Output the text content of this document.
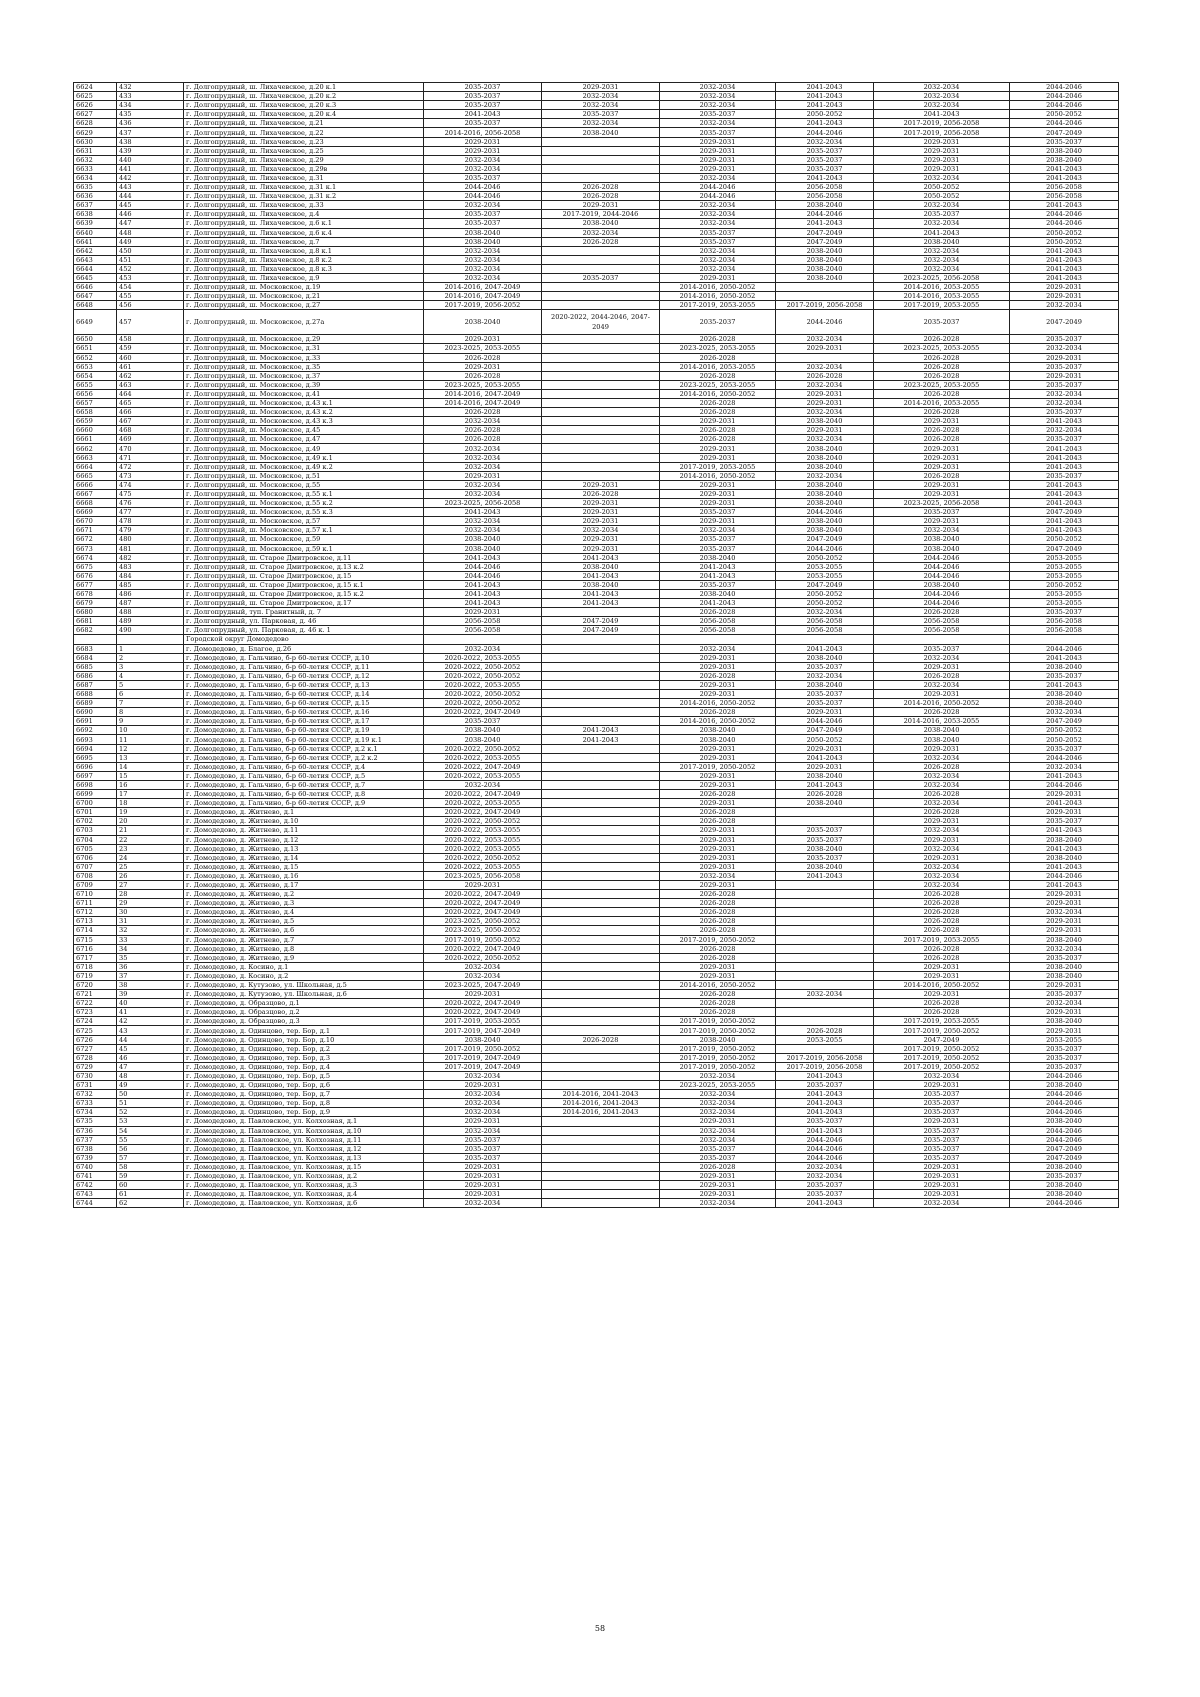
6624	432	г. Долгопрудный, ш. Лихачевское, д.20 к.1	2035-2037	2029-2031	2032-2034	2041-2043	2032-2034	2044-2046
6625	433	г. Долгопрудный, ш. Лихачевское, д.20 к.2	2035-2037	2032-2034	2032-2034	2041-2043	2032-2034	2044-2046
6626	434	г. Долгопрудный, ш. Лихачевское, д.20 к.3	2035-2037	2032-2034	2032-2034	2041-2043	2032-2034	2044-2046
6627	435	г. Долгопрудный, ш. Лихачевское, д.20 к.4	2041-2043	2035-2037	2035-2037	2050-2052	2041-2043	2050-2052
6628	436	г. Долгопрудный, ш. Лихачевское, д.21	2035-2037	2032-2034	2032-2034	2041-2043	2017-2019, 2056-2058	2044-2046
6629	437	г. Долгопрудный, ш. Лихачевское, д.22	2014-2016, 2056-2058	2038-2040	2035-2037	2044-2046	2017-2019, 2056-2058	2047-2049
6630	438	г. Долгопрудный, ш. Лихачевское, д.23	2029-2031		2029-2031	2032-2034	2029-2031	2035-2037
6631	439	г. Долгопрудный, ш. Лихачевское, д.25	2029-2031		2029-2031	2035-2037	2029-2031	2038-2040
6632	440	г. Долгопрудный, ш. Лихачевское, д.29	2032-2034		2029-2031	2035-2037	2029-2031	2038-2040
6633	441	г. Долгопрудный, ш. Лихачевское, д.29в	2032-2034		2029-2031	2035-2037	2029-2031	2041-2043
6634	442	г. Долгопрудный, ш. Лихачевское, д.31	2035-2037		2032-2034	2041-2043	2032-2034	2041-2043
6635	443	г. Долгопрудный, ш. Лихачевское, д.31 к.1	2044-2046	2026-2028	2044-2046	2056-2058	2050-2052	2056-2058
6636	444	г. Долгопрудный, ш. Лихачевское, д.31 к.2	2044-2046	2026-2028	2044-2046	2056-2058	2050-2052	2056-2058
6637	445	г. Долгопрудный, ш. Лихачевское, д.33	2032-2034	2029-2031	2032-2034	2038-2040	2032-2034	2041-2043
6638	446	г. Долгопрудный, ш. Лихачевское, д.4	2035-2037	2017-2019, 2044-2046	2032-2034	2044-2046	2035-2037	2044-2046
6639	447	г. Долгопрудный, ш. Лихачевское, д.6 к.1	2035-2037	2038-2040	2032-2034	2041-2043	2032-2034	2044-2046
6640	448	г. Долгопрудный, ш. Лихачевское, д.6 к.4	2038-2040	2032-2034	2035-2037	2047-2049	2041-2043	2050-2052
6641	449	г. Долгопрудный, ш. Лихачевское, д.7	2038-2040	2026-2028	2035-2037	2047-2049	2038-2040	2050-2052
6642	450	г. Долгопрудный, ш. Лихачевское, д.8 к.1	2032-2034		2032-2034	2038-2040	2032-2034	2041-2043
6643	451	г. Долгопрудный, ш. Лихачевское, д.8 к.2	2032-2034		2032-2034	2038-2040	2032-2034	2041-2043
6644	452	г. Долгопрудный, ш. Лихачевское, д.8 к.3	2032-2034		2032-2034	2038-2040	2032-2034	2041-2043
6645	453	г. Долгопрудный, ш. Лихачевское, д.9	2032-2034	2035-2037	2029-2031	2038-2040	2023-2025, 2056-2058	2041-2043
6646	454	г. Долгопрудный, ш. Московское, д.19	2014-2016, 2047-2049		2014-2016, 2050-2052		2014-2016, 2053-2055	2029-2031
6647	455	г. Долгопрудный, ш. Московское, д.21	2014-2016, 2047-2049		2014-2016, 2050-2052		2014-2016, 2053-2055	2029-2031
6648	456	г. Долгопрудный, ш. Московское, д.27	2017-2019, 2056-2052		2017-2019, 2053-2055	2017-2019, 2056-2058	2017-2019, 2053-2055	2032-2034
6649	457	г. Долгопрудный, ш. Московское, д.27а	2038-2040	2020-2022, 2044-2046, 2047-2049	2035-2037	2044-2046	2035-2037	2047-2049
6650	458	г. Долгопрудный, ш. Московское, д.29	2029-2031		2026-2028	2032-2034	2026-2028	2035-2037
6651	459	г. Долгопрудный, ш. Московское, д.31	2023-2025, 2053-2055		2023-2025, 2053-2055	2029-2031	2023-2025, 2053-2055	2032-2034
6652	460	г. Долгопрудный, ш. Московское, д.33	2026-2028		2026-2028		2026-2028	2029-2031
6653	461	г. Долгопрудный, ш. Московское, д.35	2029-2031		2014-2016, 2053-2055	2032-2034	2026-2028	2035-2037
6654	462	г. Долгопрудный, ш. Московское, д.37	2026-2028		2026-2028	2026-2028	2026-2028	2029-2031
6655	463	г. Долгопрудный, ш. Московское, д.39	2023-2025, 2053-2055		2023-2025, 2053-2055	2032-2034	2023-2025, 2053-2055	2035-2037
6656	464	г. Долгопрудный, ш. Московское, д.41	2014-2016, 2047-2049		2014-2016, 2050-2052	2029-2031	2026-2028	2032-2034
6657	465	г. Долгопрудный, ш. Московское, д.43 к.1	2014-2016, 2047-2049		2026-2028	2029-2031	2014-2016, 2053-2055	2032-2034
6658	466	г. Долгопрудный, ш. Московское, д.43 к.2	2026-2028		2026-2028	2032-2034	2026-2028	2035-2037
6659	467	г. Долгопрудный, ш. Московское, д.43 к.3	2032-2034		2029-2031	2038-2040	2029-2031	2041-2043
6660	468	г. Долгопрудный, ш. Московское, д.45	2026-2028		2026-2028	2029-2031	2026-2028	2032-2034
6661	469	г. Долгопрудный, ш. Московское, д.47	2026-2028		2026-2028	2032-2034	2026-2028	2035-2037
6662	470	г. Долгопрудный, ш. Московское, д.49	2032-2034		2029-2031	2038-2040	2029-2031	2041-2043
6663	471	г. Долгопрудный, ш. Московское, д.49 к.1	2032-2034		2029-2031	2038-2040	2029-2031	2041-2043
6664	472	г. Долгопрудный, ш. Московское, д.49 к.2	2032-2034		2017-2019, 2053-2055	2038-2040	2029-2031	2041-2043
6665	473	г. Долгопрудный, ш. Московское, д.51	2029-2031		2014-2016, 2050-2052	2032-2034	2026-2028	2035-2037
6666	474	г. Долгопрудный, ш. Московское, д.55	2032-2034	2029-2031	2029-2031	2038-2040	2029-2031	2041-2043
6667	475	г. Долгопрудный, ш. Московское, д.55 к.1	2032-2034	2026-2028	2029-2031	2038-2040	2029-2031	2041-2043
6668	476	г. Долгопрудный, ш. Московское, д.55 к.2	2023-2025, 2056-2058	2029-2031	2029-2031	2038-2040	2023-2025, 2056-2058	2041-2043
6669	477	г. Долгопрудный, ш. Московское, д.55 к.3	2041-2043	2029-2031	2035-2037	2044-2046	2035-2037	2047-2049
6670	478	г. Долгопрудный, ш. Московское, д.57	2032-2034	2029-2031	2029-2031	2038-2040	2029-2031	2041-2043
6671	479	г. Долгопрудный, ш. Московское, д.57 к.1	2032-2034	2032-2034	2032-2034	2038-2040	2032-2034	2041-2043
6672	480	г. Долгопрудный, ш. Московское, д.59	2038-2040	2029-2031	2035-2037	2047-2049	2038-2040	2050-2052
6673	481	г. Долгопрудный, ш. Московское, д.59 к.1	2038-2040	2029-2031	2035-2037	2044-2046	2038-2040	2047-2049
6674	482	г. Долгопрудный, ш. Старое Дмитровское, д.11	2041-2043	2041-2043	2038-2040	2050-2052	2044-2046	2053-2055
6675	483	г. Долгопрудный, ш. Старое Дмитровское, д.13 к.2	2044-2046	2038-2040	2041-2043	2053-2055	2044-2046	2053-2055
6676	484	г. Долгопрудный, ш. Старое Дмитровское, д.15	2044-2046	2041-2043	2041-2043	2053-2055	2044-2046	2053-2055
6677	485	г. Долгопрудный, ш. Старое Дмитровское, д.15 к.1	2041-2043	2038-2040	2035-2037	2047-2049	2038-2040	2050-2052
6678	486	г. Долгопрудный, ш. Старое Дмитровское, д.15 к.2	2041-2043	2041-2043	2038-2040	2050-2052	2044-2046	2053-2055
6679	487	г. Долгопрудный, ш. Старое Дмитровское, д.17	2041-2043	2041-2043	2041-2043	2050-2052	2044-2046	2053-2055
6680	488	г. Долгопрудный, туп. Гранитный, д. 7	2029-2031		2026-2028	2032-2034	2026-2028	2035-2037
6681	489	г. Долгопрудный, ул. Парковая, д. 46	2056-2058	2047-2049	2056-2058	2056-2058	2056-2058	2056-2058
6682	490	г. Долгопрудный, ул. Парковая, д. 46 к. 1	2056-2058	2047-2049	2056-2058	2056-2058	2056-2058	2056-2058
		Городской округ Домодедово						
6683	1	г. Домодедово, д. Благое, д.26	2032-2034		2032-2034	2041-2043	2035-2037	2044-2046
6684	2	г. Домодедово, д. Гальчино, б-р 60-летия СССР, д.10	2020-2022, 2053-2055		2029-2031	2038-2040	2032-2034	2041-2043
6685	3	г. Домодедово, д. Гальчино, б-р 60-летия СССР, д.11	2020-2022, 2050-2052		2029-2031	2035-2037	2029-2031	2038-2040
6686	4	г. Домодедово, д. Гальчино, б-р 60-летия СССР, д.12	2020-2022, 2050-2052		2026-2028	2032-2034	2026-2028	2035-2037
6687	5	г. Домодедово, д. Гальчино, б-р 60-летия СССР, д.13	2020-2022, 2053-2055		2029-2031	2038-2040	2032-2034	2041-2043
6688	6	г. Домодедово, д. Гальчино, б-р 60-летия СССР, д.14	2020-2022, 2050-2052		2029-2031	2035-2037	2029-2031	2038-2040
6689	7	г. Домодедово, д. Гальчино, б-р 60-летия СССР, д.15	2020-2022, 2050-2052		2014-2016, 2050-2052	2035-2037	2014-2016, 2050-2052	2038-2040
6690	8	г. Домодедово, д. Гальчино, б-р 60-летия СССР, д.16	2020-2022, 2047-2049		2026-2028	2029-2031	2026-2028	2032-2034
6691	9	г. Домодедово, д. Гальчино, б-р 60-летия СССР, д.17	2035-2037		2014-2016, 2050-2052	2044-2046	2014-2016, 2053-2055	2047-2049
6692	10	г. Домодедово, д. Гальчино, б-р 60-летия СССР, д.19	2038-2040	2041-2043	2038-2040	2047-2049	2038-2040	2050-2052
6693	11	г. Домодедово, д. Гальчино, б-р 60-летия СССР, д.19 к.1	2038-2040	2041-2043	2038-2040	2050-2052	2038-2040	2050-2052
6694	12	г. Домодедово, д. Гальчино, б-р 60-летия СССР, д.2 к.1	2020-2022, 2050-2052		2029-2031	2029-2031	2029-2031	2035-2037
6695	13	г. Домодедово, д. Гальчино, б-р 60-летия СССР, д.2 к.2	2020-2022, 2053-2055		2029-2031	2041-2043	2032-2034	2044-2046
6696	14	г. Домодедово, д. Гальчино, б-р 60-летия СССР, д.4	2020-2022, 2047-2049		2017-2019, 2050-2052	2029-2031	2026-2028	2032-2034
6697	15	г. Домодедово, д. Гальчино, б-р 60-летия СССР, д.5	2020-2022, 2053-2055		2029-2031	2038-2040	2032-2034	2041-2043
6698	16	г. Домодедово, д. Гальчино, б-р 60-летия СССР, д.7	2032-2034		2029-2031	2041-2043	2032-2034	2044-2046
6699	17	г. Домодедово, д. Гальчино, б-р 60-летия СССР, д.8	2020-2022, 2047-2049		2026-2028	2026-2028	2026-2028	2029-2031
6700	18	г. Домодедово, д. Гальчино, б-р 60-летия СССР, д.9	2020-2022, 2053-2055		2029-2031	2038-2040	2032-2034	2041-2043
6701	19	г. Домодедово, д. Житнево, д.1	2020-2022, 2047-2049		2026-2028		2026-2028	2029-2031
6702	20	г. Домодедово, д. Житнево, д.10	2020-2022, 2050-2052		2026-2028		2029-2031	2035-2037
6703	21	г. Домодедово, д. Житнево, д.11	2020-2022, 2053-2055		2029-2031	2035-2037	2032-2034	2041-2043
6704	22	г. Домодедово, д. Житнево, д.12	2020-2022, 2053-2055		2029-2031	2035-2037	2029-2031	2038-2040
6705	23	г. Домодедово, д. Житнево, д.13	2020-2022, 2053-2055		2029-2031	2038-2040	2032-2034	2041-2043
6706	24	г. Домодедово, д. Житнево, д.14	2020-2022, 2050-2052		2029-2031	2035-2037	2029-2031	2038-2040
6707	25	г. Домодедово, д. Житнево, д.15	2020-2022, 2053-2055		2029-2031	2038-2040	2032-2034	2041-2043
6708	26	г. Домодедово, д. Житнево, д.16	2023-2025, 2056-2058		2032-2034	2041-2043	2032-2034	2044-2046
6709	27	г. Домодедово, д. Житнево, д.17	2029-2031		2029-2031		2032-2034	2041-2043
6710	28	г. Домодедово, д. Житнево, д.2	2020-2022, 2047-2049		2026-2028		2026-2028	2029-2031
6711	29	г. Домодедово, д. Житнево, д.3	2020-2022, 2047-2049		2026-2028		2026-2028	2029-2031
6712	30	г. Домодедово, д. Житнево, д.4	2020-2022, 2047-2049		2026-2028		2026-2028	2032-2034
6713	31	г. Домодедово, д. Житнево, д.5	2023-2025, 2050-2052		2026-2028		2026-2028	2029-2031
6714	32	г. Домодедово, д. Житнево, д.6	2023-2025, 2050-2052		2026-2028		2026-2028	2029-2031
6715	33	г. Домодедово, д. Житнево, д.7	2017-2019, 2050-2052		2017-2019, 2050-2052		2017-2019, 2053-2055	2038-2040
6716	34	г. Домодедово, д. Житнево, д.8	2020-2022, 2047-2049		2026-2028		2026-2028	2032-2034
6717	35	г. Домодедово, д. Житнево, д.9	2020-2022, 2050-2052		2026-2028		2026-2028	2035-2037
6718	36	г. Домодедово, д. Косино, д.1	2032-2034		2029-2031		2029-2031	2038-2040
6719	37	г. Домодедово, д. Косино, д.2	2032-2034		2029-2031		2029-2031	2038-2040
6720	38	г. Домодедово, д. Кутузово, ул. Школьная, д.5	2023-2025, 2047-2049		2014-2016, 2050-2052		2014-2016, 2050-2052	2029-2031
6721	39	г. Домодедово, д. Кутузово, ул. Школьная, д.6	2029-2031		2026-2028	2032-2034	2029-2031	2035-2037
6722	40	г. Домодедово, д. Образцово, д.1	2020-2022, 2047-2049		2026-2028		2026-2028	2032-2034
6723	41	г. Домодедово, д. Образцово, д.2	2020-2022, 2047-2049		2026-2028		2026-2028	2029-2031
6724	42	г. Домодедово, д. Образцово, д.3	2017-2019, 2053-2055		2017-2019, 2050-2052		2017-2019, 2053-2055	2038-2040
6725	43	г. Домодедово, д. Одинцово, тер. Бор, д.1	2017-2019, 2047-2049		2017-2019, 2050-2052	2026-2028	2017-2019, 2050-2052	2029-2031
6726	44	г. Домодедово, д. Одинцово, тер. Бор, д.10	2038-2040	2026-2028	2038-2040	2053-2055	2047-2049	2053-2055
6727	45	г. Домодедово, д. Одинцово, тер. Бор, д.2	2017-2019, 2050-2052		2017-2019, 2050-2052		2017-2019, 2050-2052	2035-2037
6728	46	г. Домодедово, д. Одинцово, тер. Бор, д.3	2017-2019, 2047-2049		2017-2019, 2050-2052	2017-2019, 2056-2058	2017-2019, 2050-2052	2035-2037
6729	47	г. Домодедово, д. Одинцово, тер. Бор, д.4	2017-2019, 2047-2049		2017-2019, 2050-2052	2017-2019, 2056-2058	2017-2019, 2050-2052	2035-2037
6730	48	г. Домодедово, д. Одинцово, тер. Бор, д.5	2032-2034		2032-2034	2041-2043	2032-2034	2044-2046
6731	49	г. Домодедово, д. Одинцово, тер. Бор, д.6	2029-2031		2023-2025, 2053-2055	2035-2037	2029-2031	2038-2040
6732	50	г. Домодедово, д. Одинцово, тер. Бор, д.7	2032-2034	2014-2016, 2041-2043	2032-2034	2041-2043	2035-2037	2044-2046
6733	51	г. Домодедово, д. Одинцово, тер. Бор, д.8	2032-2034	2014-2016, 2041-2043	2032-2034	2041-2043	2035-2037	2044-2046
6734	52	г. Домодедово, д. Одинцово, тер. Бор, д.9	2032-2034	2014-2016, 2041-2043	2032-2034	2041-2043	2035-2037	2044-2046
6735	53	г. Домодедово, д. Павловское, ул. Колхозная, д.1	2029-2031		2029-2031	2035-2037	2029-2031	2038-2040
6736	54	г. Домодедово, д. Павловское, ул. Колхозная, д.10	2032-2034		2032-2034	2041-2043	2035-2037	2044-2046
6737	55	г. Домодедово, д. Павловское, ул. Колхозная, д.11	2035-2037		2032-2034	2044-2046	2035-2037	2044-2046
6738	56	г. Домодедово, д. Павловское, ул. Колхозная, д.12	2035-2037		2035-2037	2044-2046	2035-2037	2047-2049
6739	57	г. Домодедово, д. Павловское, ул. Колхозная, д.13	2035-2037		2035-2037	2044-2046	2035-2037	2047-2049
6740	58	г. Домодедово, д. Павловское, ул. Колхозная, д.15	2029-2031		2026-2028	2032-2034	2029-2031	2038-2040
6741	59	г. Домодедово, д. Павловское, ул. Колхозная, д.2	2029-2031		2029-2031	2032-2034	2029-2031	2035-2037
6742	60	г. Домодедово, д. Павловское, ул. Колхозная, д.3	2029-2031		2029-2031	2035-2037	2029-2031	2038-2040
6743	61	г. Домодедово, д. Павловское, ул. Колхозная, д.4	2029-2031		2029-2031	2035-2037	2029-2031	2038-2040
6744	62	г. Домодедово, д. Павловское, ул. Колхозная, д.6	2032-2034		2032-2034	2041-2043	2032-2034	2044-2046
58
